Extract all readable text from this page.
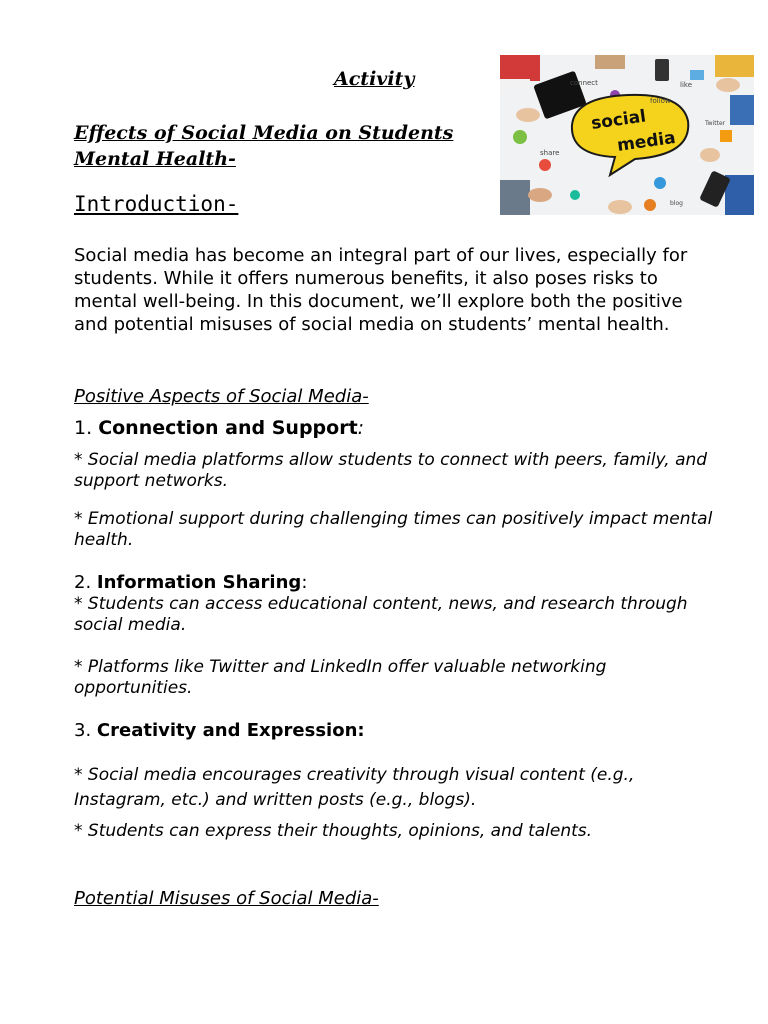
Activity
Effects of Social Media on Students Mental Health-
social
media
connect
follow
like
share
Twitter
blog
Introduction-
Social media has become an integral part of our lives, especially for students. While it offers numerous benefits, it also poses risks to mental well-being. In this document, we’ll explore both the positive and potential misuses of social media on students’ mental health.
Positive Aspects of Social Media-
1. Connection and Support:
* Social media platforms allow students to connect with peers, family, and support networks.
* Emotional support during challenging times can positively impact mental health.
2. Information Sharing:
* Students can access educational content, news, and research through social media.
* Platforms like Twitter and LinkedIn offer valuable networking opportunities.
3. Creativity and Expression:
* Social media encourages creativity through visual content (e.g., Instagram, etc.) and written posts (e.g., blogs).
* Students can express their thoughts, opinions, and talents.
Potential Misuses of Social Media-
